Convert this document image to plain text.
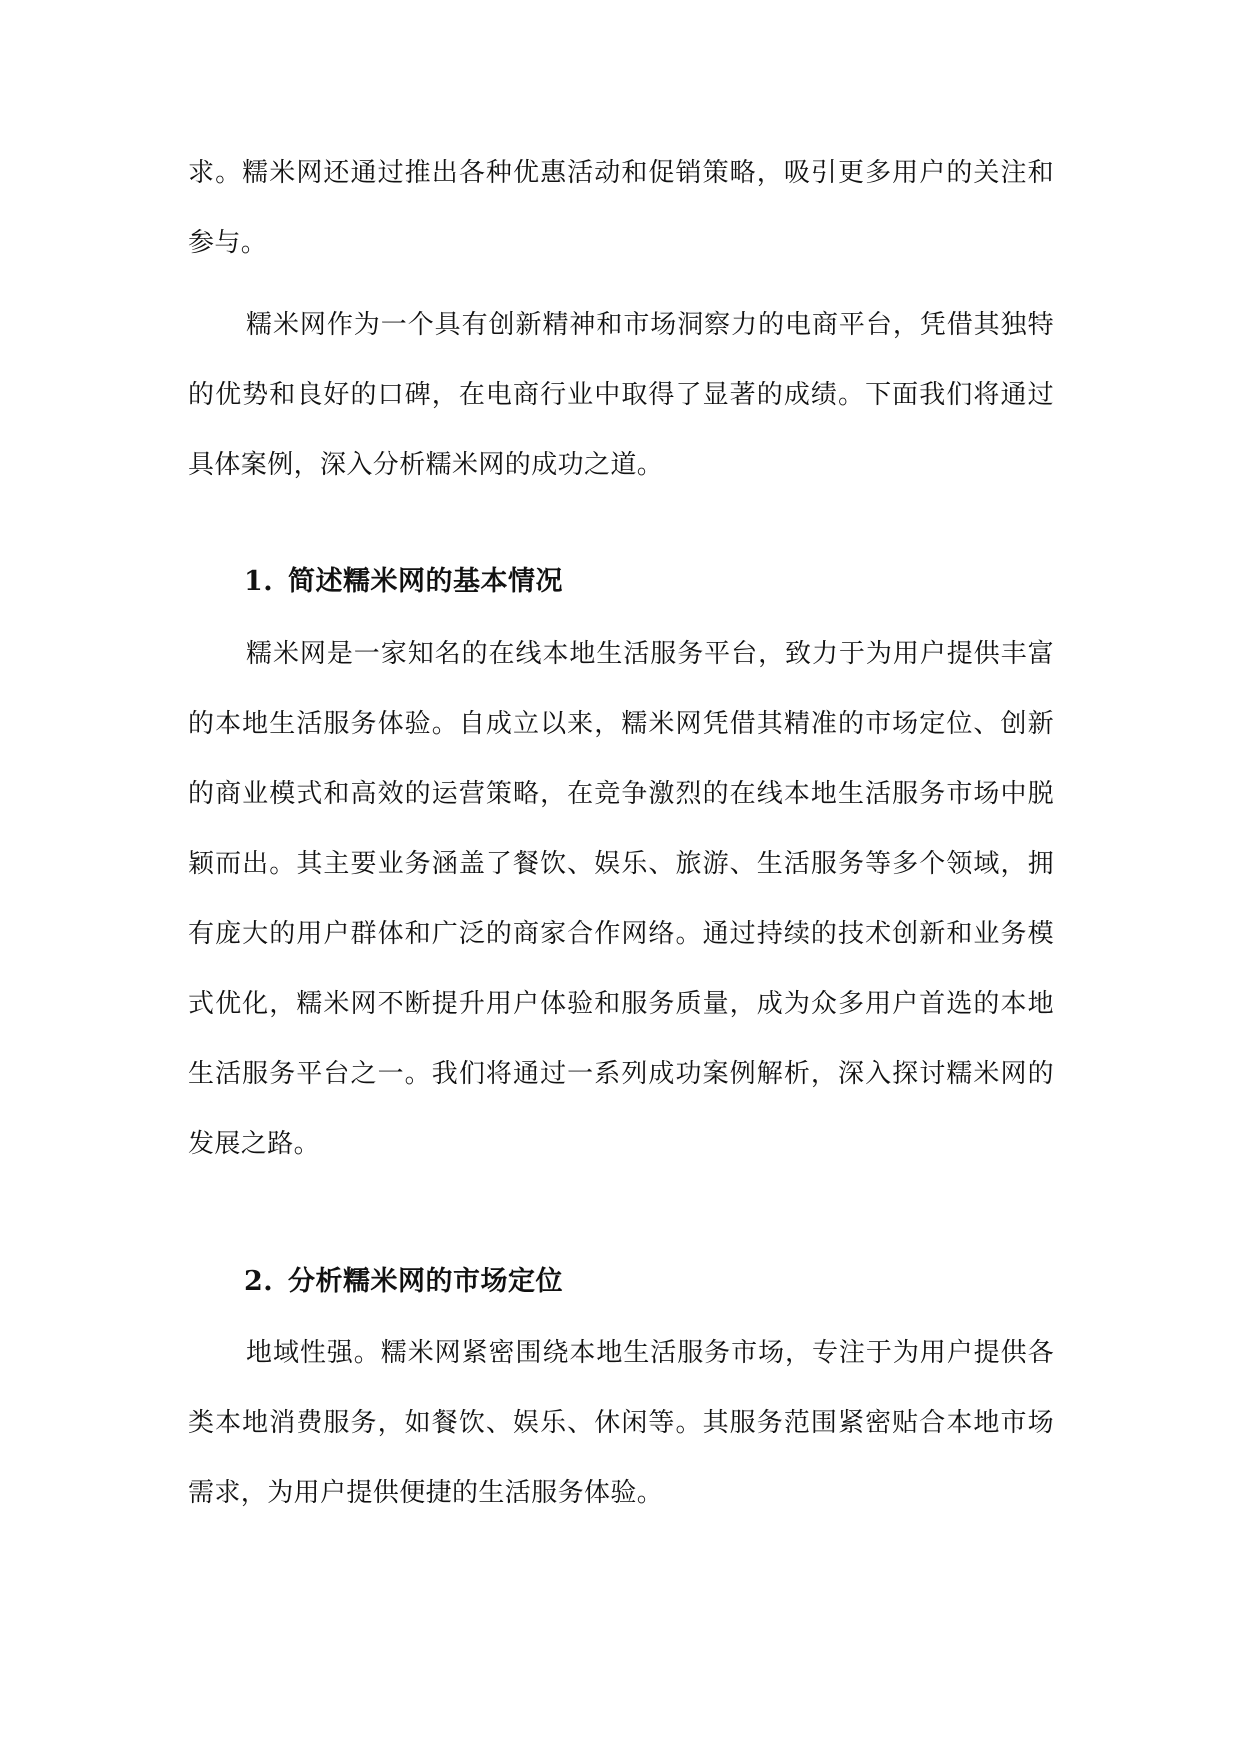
求。糯米网还通过推出各种优惠活动和促销策略，吸引更多用户的关注和参与。

糯米网作为一个具有创新精神和市场洞察力的电商平台，凭借其独特的优势和良好的口碑，在电商行业中取得了显著的成绩。下面我们将通过具体案例，深入分析糯米网的成功之道。

1. 简述糯米网的基本情况

糯米网是一家知名的在线本地生活服务平台，致力于为用户提供丰富的本地生活服务体验。自成立以来，糯米网凭借其精准的市场定位、创新的商业模式和高效的运营策略，在竞争激烈的在线本地生活服务市场中脱颖而出。其主要业务涵盖了餐饮、娱乐、旅游、生活服务等多个领域，拥有庞大的用户群体和广泛的商家合作网络。通过持续的技术创新和业务模式优化，糯米网不断提升用户体验和服务质量，成为众多用户首选的本地生活服务平台之一。我们将通过一系列成功案例解析，深入探讨糯米网的发展之路。

2. 分析糯米网的市场定位

地域性强。糯米网紧密围绕本地生活服务市场，专注于为用户提供各类本地消费服务，如餐饮、娱乐、休闲等。其服务范围紧密贴合本地市场需求，为用户提供便捷的生活服务体验。
